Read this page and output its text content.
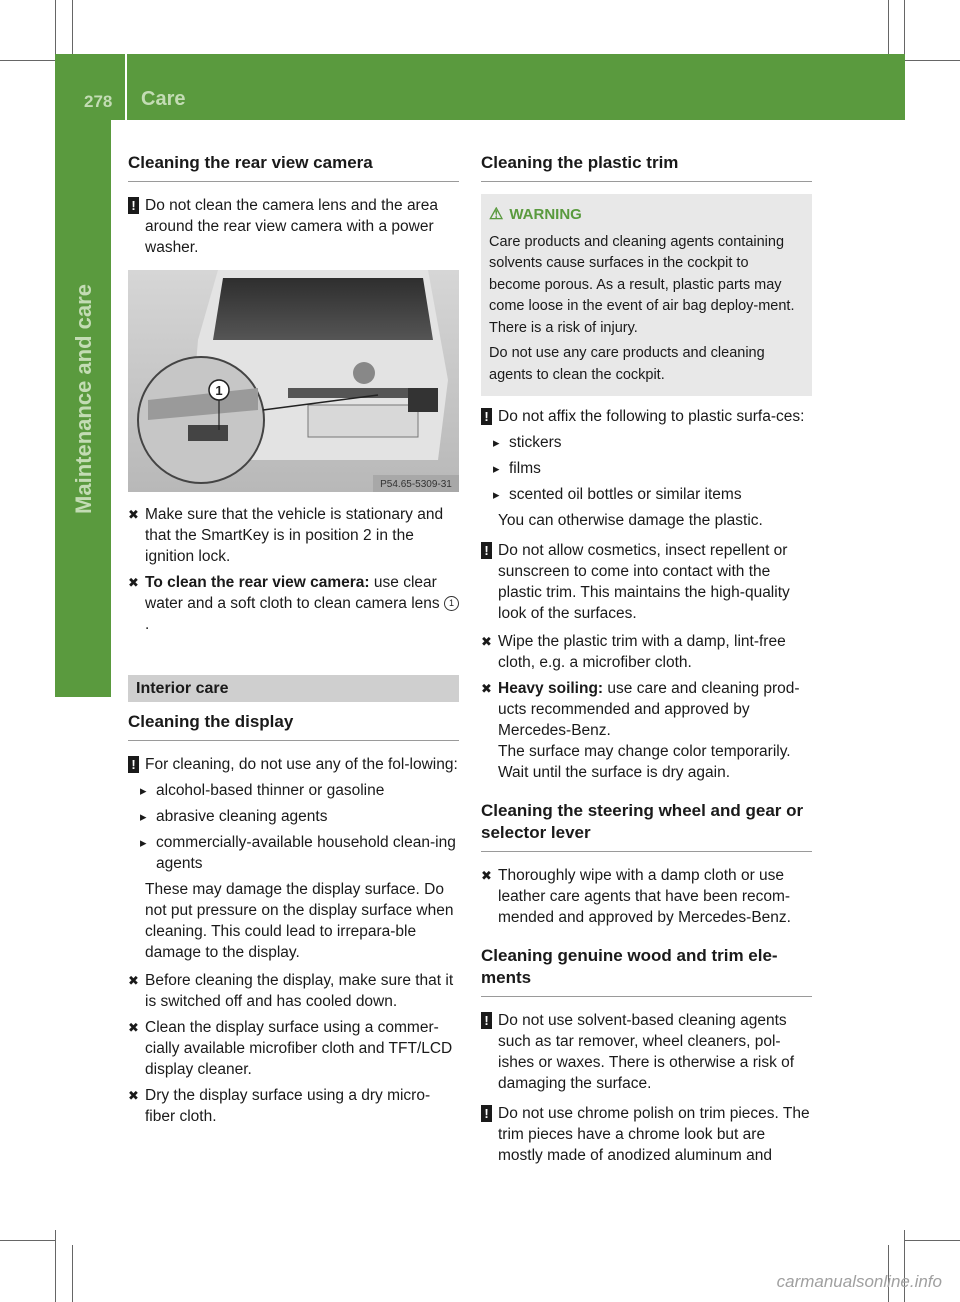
278 Care
Maintenance and care
Cleaning the rear view camera
! Do not clean the camera lens and the area around the rear view camera with a power washer.

1
P54.65-5309-31
✖ Make sure that the vehicle is stationary and that the SmartKey is in position 2 in the ignition lock.

✖ To clean the rear view camera: use clear water and a soft cloth to clean camera lens 1.

Interior care
Cleaning the display
! For cleaning, do not use any of the fol-lowing:

▸ alcohol-based thinner or gasoline

▸ abrasive cleaning agents

▸ commercially-available household clean-ing agents

These may damage the display surface. Do not put pressure on the display surface when cleaning. This could lead to irrepara-ble damage to the display.

✖ Before cleaning the display, make sure that it is switched off and has cooled down.

✖ Clean the display surface using a commer-cially available microfiber cloth and TFT/LCD display cleaner.

✖ Dry the display surface using a dry micro-fiber cloth.

Cleaning the plastic trim
⚠ WARNING

Care products and cleaning agents containing solvents cause surfaces in the cockpit to become porous. As a result, plastic parts may come loose in the event of air bag deploy-ment. There is a risk of injury.

Do not use any care products and cleaning agents to clean the cockpit.

! Do not affix the following to plastic surfa-ces:

▸ stickers

▸ films

▸ scented oil bottles or similar items

You can otherwise damage the plastic.

! Do not allow cosmetics, insect repellent or sunscreen to come into contact with the plastic trim. This maintains the high-quality look of the surfaces.

✖ Wipe the plastic trim with a damp, lint-free cloth, e.g. a microfiber cloth.

✖ Heavy soiling: use care and cleaning prod-ucts recommended and approved by Mercedes-Benz.

The surface may change color temporarily. Wait until the surface is dry again.

Cleaning the steering wheel and gear or selector lever
✖ Thoroughly wipe with a damp cloth or use leather care agents that have been recom-mended and approved by Mercedes-Benz.

Cleaning genuine wood and trim ele-ments
! Do not use solvent-based cleaning agents such as tar remover, wheel cleaners, pol-ishes or waxes. There is otherwise a risk of damaging the surface.

! Do not use chrome polish on trim pieces. The trim pieces have a chrome look but are mostly made of anodized aluminum and

carmanualsonline.info
